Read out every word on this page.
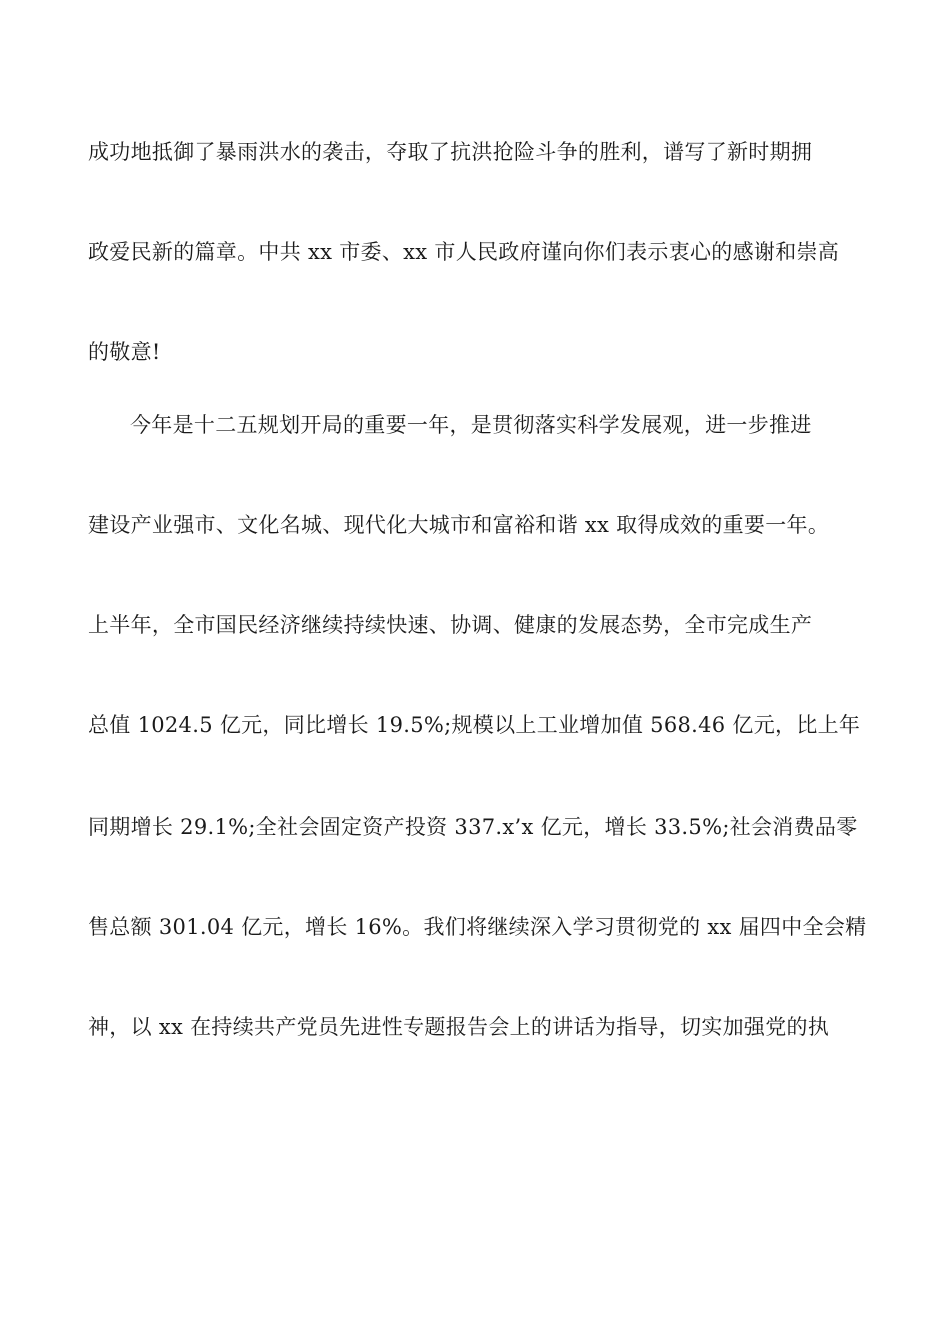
成功地抵御了暴雨洪水的袭击，夺取了抗洪抢险斗争的胜利，谱写了新时期拥
政爱民新的篇章。中共 xx 市委、xx 市人民政府谨向你们表示衷心的感谢和崇高
的敬意!
今年是十二五规划开局的重要一年，是贯彻落实科学发展观，进一步推进
建设产业强市、文化名城、现代化大城市和富裕和谐 xx 取得成效的重要一年。
上半年，全市国民经济继续持续快速、协调、健康的发展态势，全市完成生产
总值 1024.5 亿元，同比增长 19.5%;规模以上工业增加值 568.46 亿元，比上年
同期增长 29.1%;全社会固定资产投资 337.x’x 亿元，增长 33.5%;社会消费品零
售总额 301.04 亿元，增长 16%。我们将继续深入学习贯彻党的 xx 届四中全会精
神，以 xx 在持续共产党员先进性专题报告会上的讲话为指导，切实加强党的执
